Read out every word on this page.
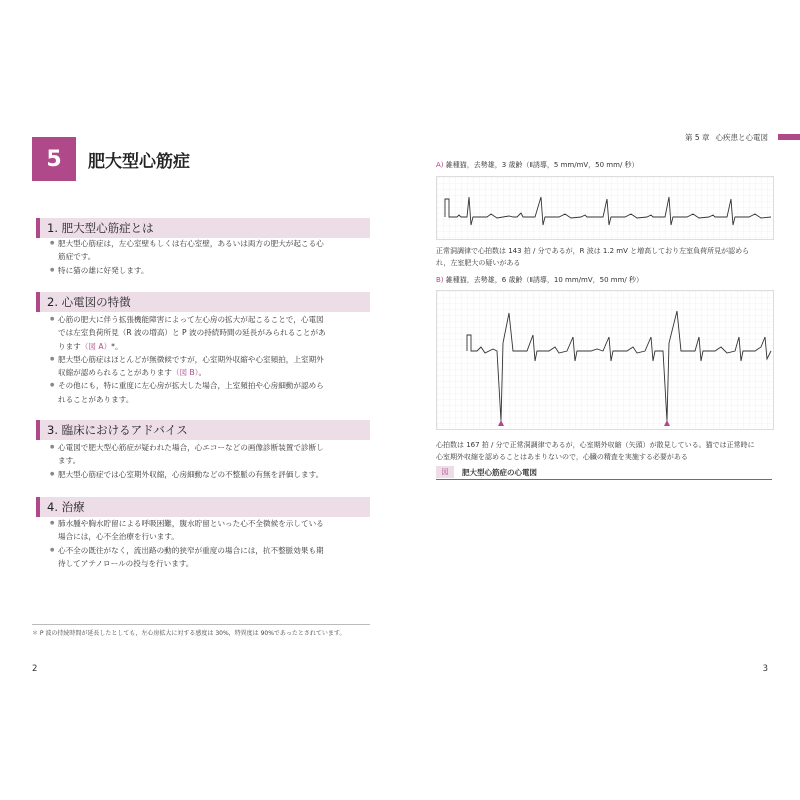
5 肥大型心筋症
1. 肥大型心筋症とは
● 肥大型心筋症は，左心室壁もしくは右心室壁，あるいは両方の肥大が起こる心
筋症です。
● 特に猫の雄に好発します。
2. 心電図の特徴
● 心筋の肥大に伴う拡張機能障害によって左心房の拡大が起こることで，心電図
では左室負荷所見（R 波の増高）と P 波の持続時間の延長がみられることがあ
ります（図 A）*。
● 肥大型心筋症はほとんどが無徴候ですが，心室期外収縮や心室頻拍，上室期外
収縮が認められることがあります（図 B）。
● その他にも，特に重度に左心房が拡大した場合，上室頻拍や心房細動が認めら
れることがあります。
3. 臨床におけるアドバイス
● 心電図で肥大型心筋症が疑われた場合，心エコーなどの画像診断装置で診断し
ます。
● 肥大型心筋症では心室期外収縮，心房細動などの不整脈の有無を評価します。
4. 治療
● 肺水腫や胸水貯留による呼吸困難，腹水貯留といった心不全徴候を示している
場合には，心不全治療を行います。
● 心不全の既往がなく，流出路の動的狭窄が重度の場合には，抗不整脈効果も期
待してアテノロールの投与を行います。
＊ P 波の持続時間が延長したとしても，左心房拡大に対する感度は 30%，特異度は 90%であったとされています。
2
第 5 章 心疾患と心電図
A) 雑種猫，去勢雄，3 歳齢（Ⅱ誘導，5 mm/mV，50 mm/ 秒）
正常洞調律で心拍数は 143 拍 / 分であるが，R 波は 1.2 mV と増高しており左室負荷所見が認めら
れ，左室肥大の疑いがある
B) 雑種猫，去勢雄，6 歳齢（Ⅱ誘導，10 mm/mV，50 mm/ 秒）
心拍数は 167 拍 / 分で正常洞調律であるが，心室期外収縮（矢頭）が散見している。猫では正常時に
心室期外収縮を認めることはあまりないので，心臓の精査を実施する必要がある
図	肥大型心筋症の心電図
3
